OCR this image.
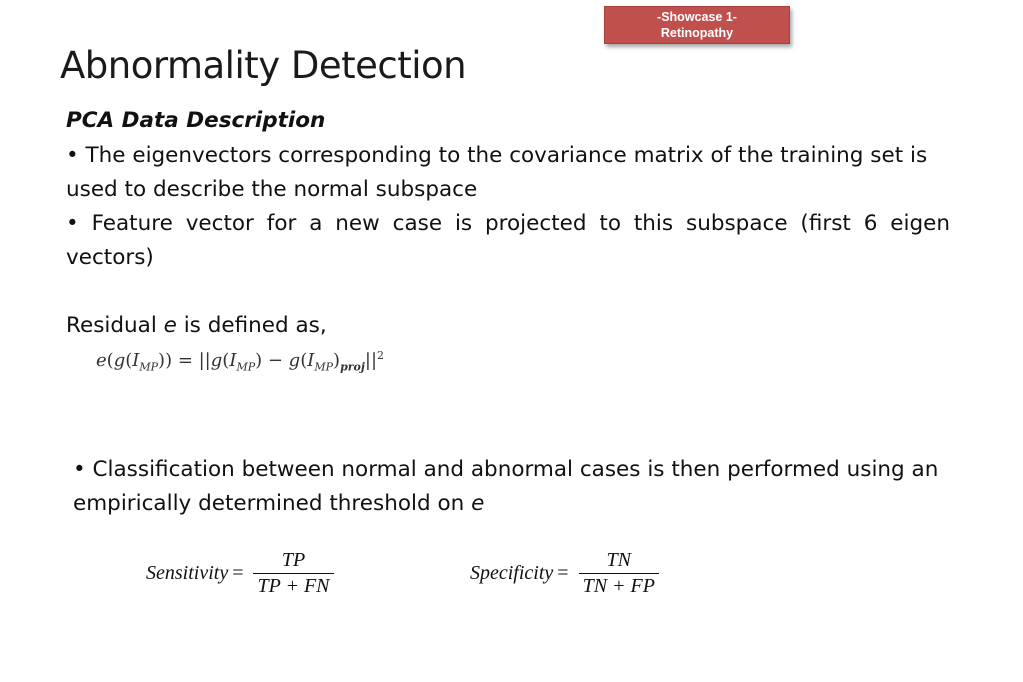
-Showcase 1-
Retinopathy
Abnormality Detection
PCA Data Description
• The eigenvectors corresponding to the covariance matrix of the training set is used to describe the normal subspace
• Feature vector for a new case is projected to this subspace (first 6 eigen vectors)
Residual e is defined as,
$e(g(I_{MP})) = ||g(I_{MP}) - g(I_{MP})_{proj}||^2$
• Classification between normal and abnormal cases is then performed using an empirically determined threshold on e
Sensitivity = $\frac{TP}{TP + FN}$	Specificity = $\frac{TN}{TN + FP}$
